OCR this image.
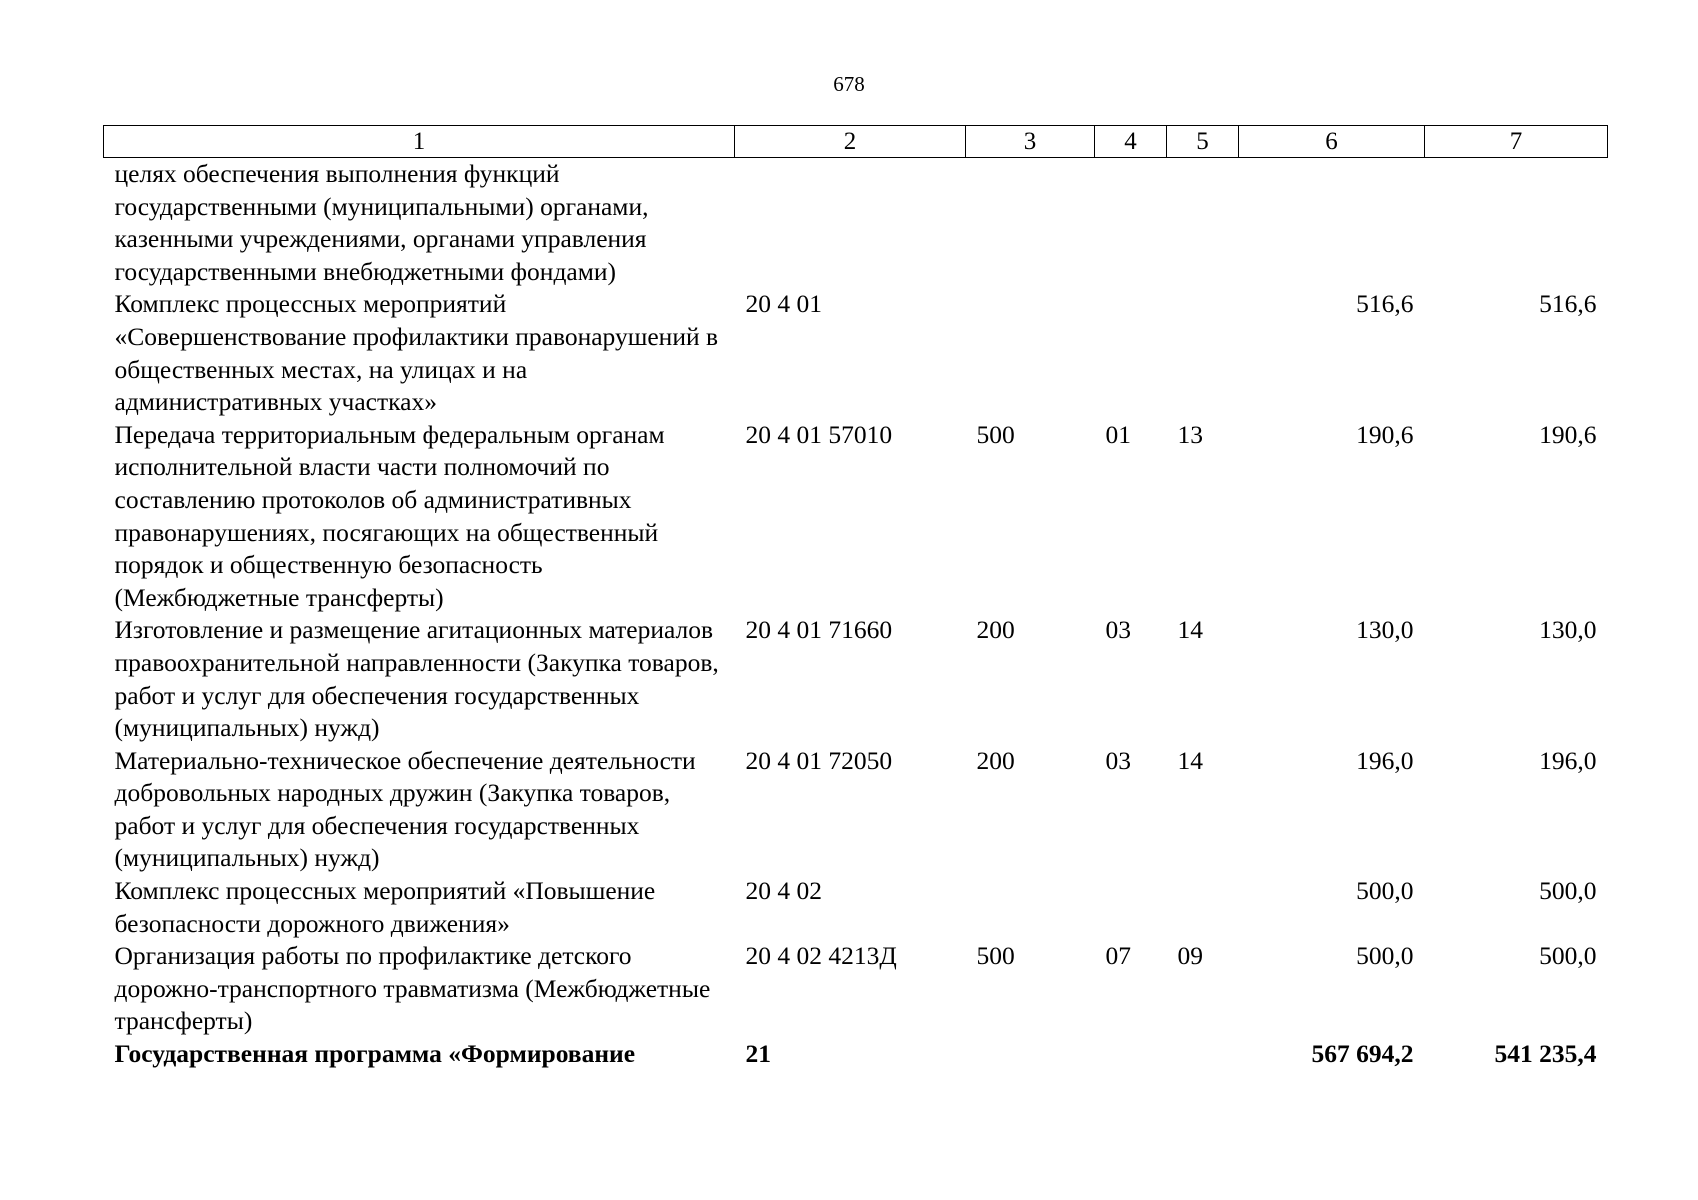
678
1	2	3	4	5	6	7
целях обеспечения выполнения функций государственными (муниципальными) органами, казенными учреждениями, органами управления государственными внебюджетными фондами)						
Комплекс процессных мероприятий «Совершенствование профилактики правонарушений в общественных местах, на улицах и на административных участках»	20 4 01				516,6	516,6
Передача территориальным федеральным органам исполнительной власти части полномочий по составлению протоколов об административных правонарушениях, посягающих на общественный порядок и общественную безопасность (Межбюджетные трансферты)	20 4 01 57010	500	01	13	190,6	190,6
Изготовление и размещение агитационных материалов правоохранительной направленности (Закупка товаров, работ и услуг для обеспечения государственных (муниципальных) нужд)	20 4 01 71660	200	03	14	130,0	130,0
Материально-техническое обеспечение деятельности добровольных народных дружин (Закупка товаров, работ и услуг для обеспечения государственных (муниципальных) нужд)	20 4 01 72050	200	03	14	196,0	196,0
Комплекс процессных мероприятий «Повышение безопасности дорожного движения»	20 4 02				500,0	500,0
Организация работы по профилактике детского дорожно-транспортного травматизма (Межбюджетные трансферты)	20 4 02 4213Д	500	07	09	500,0	500,0
Государственная программа «Формирование	21				567 694,2	541 235,4
